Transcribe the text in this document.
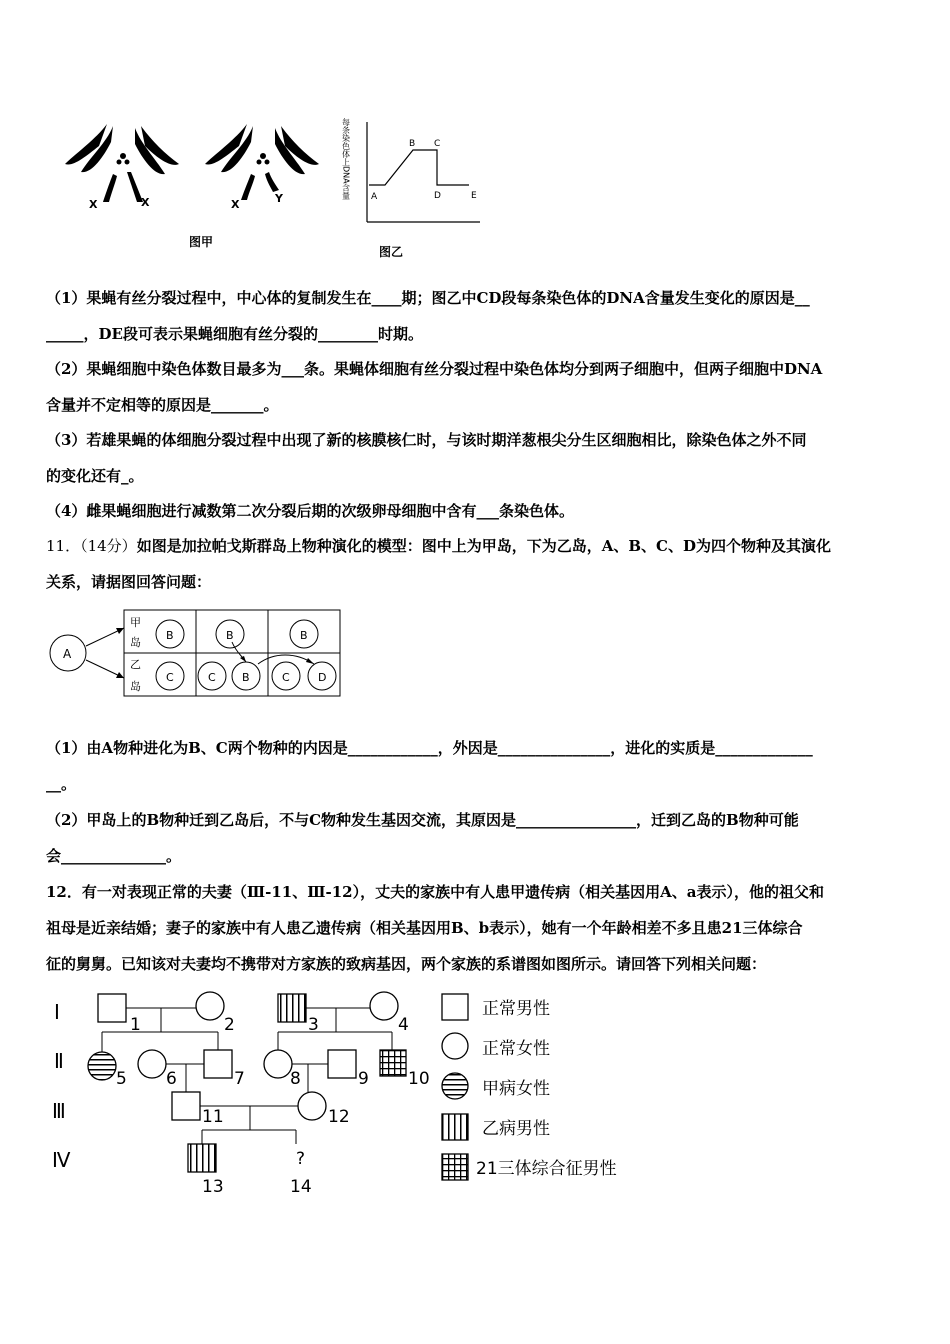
X	X	X	Y
图甲
每条染色体上DNA含量 A
B C
D	E
图乙
（1）果蝇有丝分裂过程中，中心体的复制发生在____期；图乙中CD段每条染色体的DNA含量发生变化的原因是__
_____，DE段可表示果蝇细胞有丝分裂的________时期。
（2）果蝇细胞中染色体数目最多为___条。果蝇体细胞有丝分裂过程中染色体均分到两子细胞中，但两子细胞中DNA
含量并不定相等的原因是_______。
（3）若雄果蝇的体细胞分裂过程中出现了新的核膜核仁时，与该时期洋葱根尖分生区细胞相比，除染色体之外不同
的变化还有_。
（4）雌果蝇细胞进行减数第二次分裂后期的次级卵母细胞中含有___条染色体。
11．（14分）如图是加拉帕戈斯群岛上物种演化的模型：图中上为甲岛，下为乙岛，A、B、C、D为四个物种及其演化
关系，请据图回答问题：
A
甲
岛
乙
岛
B	B	B
C	C B	C	D
（1）由A物种进化为B、C两个物种的内因是____________，外因是_______________，进化的实质是_____________
__。
（2）甲岛上的B物种迁到乙岛后，不与C物种发生基因交流，其原因是________________，迁到乙岛的B物种可能
会______________。
12．有一对表现正常的夫妻（Ⅲ-11、Ⅲ-12），丈夫的家族中有人患甲遗传病（相关基因用A、a表示），他的祖父和
祖母是近亲结婚；妻子的家族中有人患乙遗传病（相关基因用B、b表示），她有一个年龄相差不多且患21三体综合
征的舅舅。已知该对夫妻均不携带对方家族的致病基因，两个家族的系谱图如图所示。请回答下列相关问题：
Ⅰ
Ⅱ
Ⅲ
Ⅳ
1	2	3	4
5 6	7	8	9 10
11	12
13
?
14
正常男性
正常女性
甲病女性
乙病男性
21三体综合征男性
